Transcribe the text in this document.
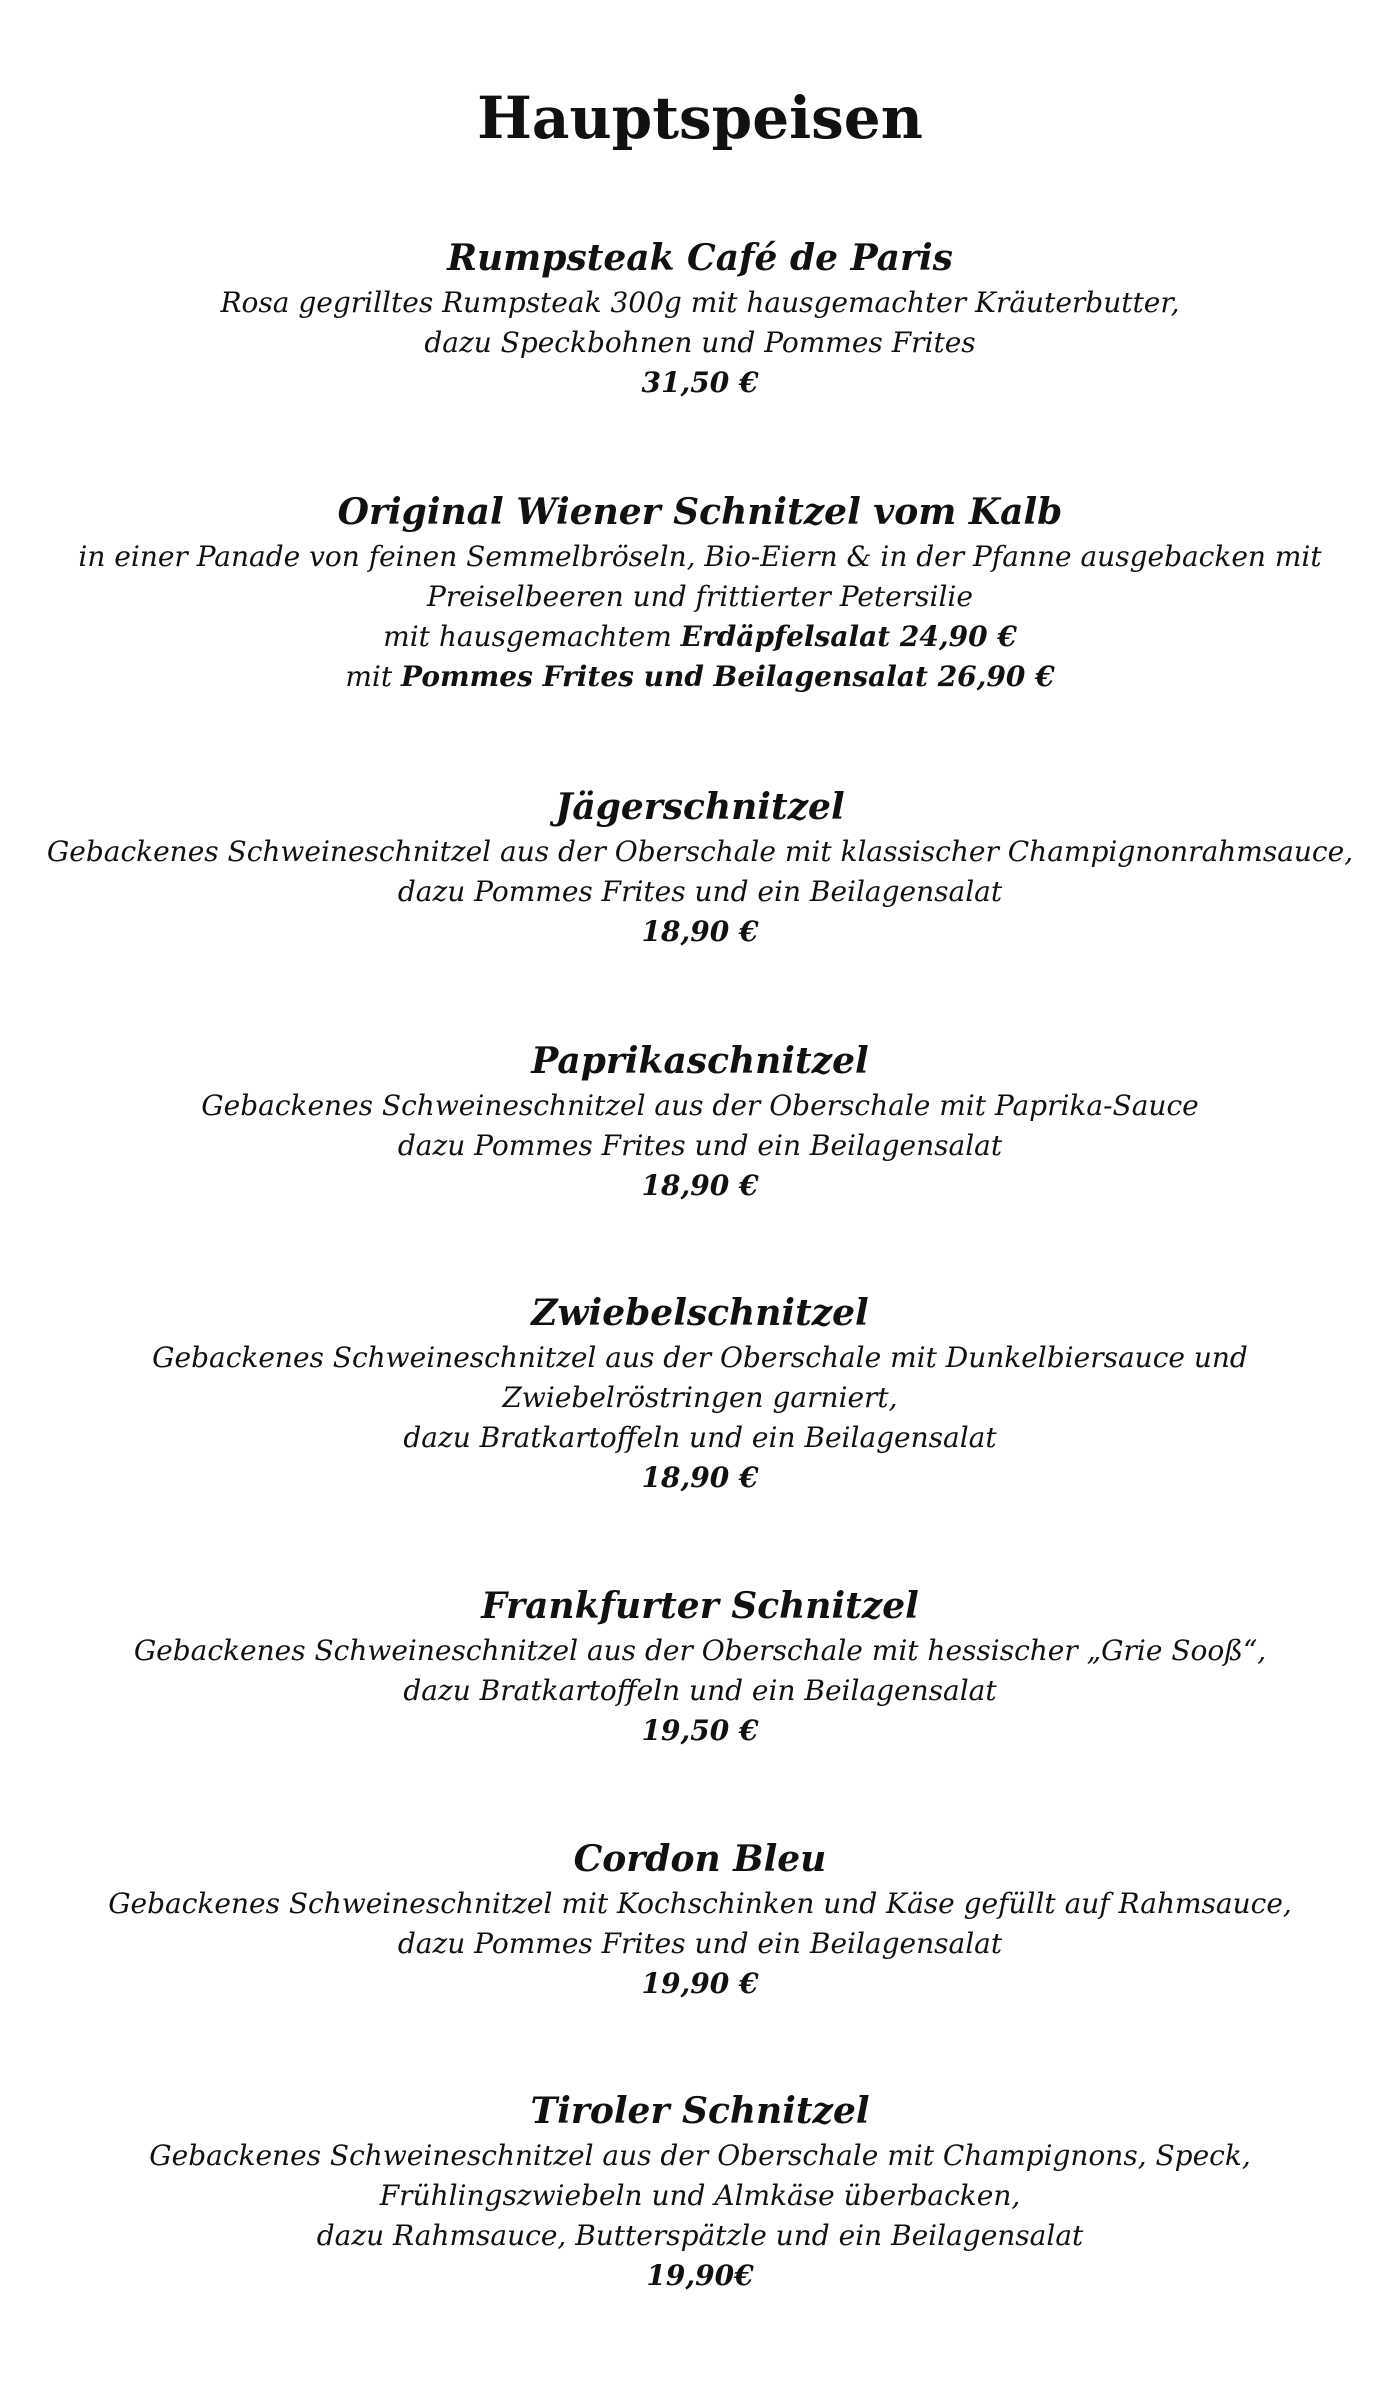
Hauptspeisen

Rumpsteak Café de Paris

Rosa gegrilltes Rumpsteak 300g mit hausgemachter Kräuterbutter,

dazu Speckbohnen und Pommes Frites

31,50 €

Original Wiener Schnitzel vom Kalb

in einer Panade von feinen Semmelbröseln, Bio-Eiern & in der Pfanne ausgebacken mit

Preiselbeeren und frittierter Petersilie

mit hausgemachtem Erdäpfelsalat 24,90 €

mit Pommes Frites und Beilagensalat 26,90 €

Jägerschnitzel

Gebackenes Schweineschnitzel aus der Oberschale mit klassischer Champignonrahmsauce,

dazu Pommes Frites und ein Beilagensalat

18,90 €

Paprikaschnitzel

Gebackenes Schweineschnitzel aus der Oberschale mit Paprika-Sauce

dazu Pommes Frites und ein Beilagensalat

18,90 €

Zwiebelschnitzel

Gebackenes Schweineschnitzel aus der Oberschale mit Dunkelbiersauce und

Zwiebelröstringen garniert,

dazu Bratkartoffeln und ein Beilagensalat

18,90 €

Frankfurter Schnitzel

Gebackenes Schweineschnitzel aus der Oberschale mit hessischer „Grie Sooß“,

dazu Bratkartoffeln und ein Beilagensalat

19,50 €

Cordon Bleu

Gebackenes Schweineschnitzel mit Kochschinken und Käse gefüllt auf Rahmsauce,

dazu Pommes Frites und ein Beilagensalat

19,90 €

Tiroler Schnitzel

Gebackenes Schweineschnitzel aus der Oberschale mit Champignons, Speck,

Frühlingszwiebeln und Almkäse überbacken,

dazu Rahmsauce, Butterspätzle und ein Beilagensalat

19,90€
